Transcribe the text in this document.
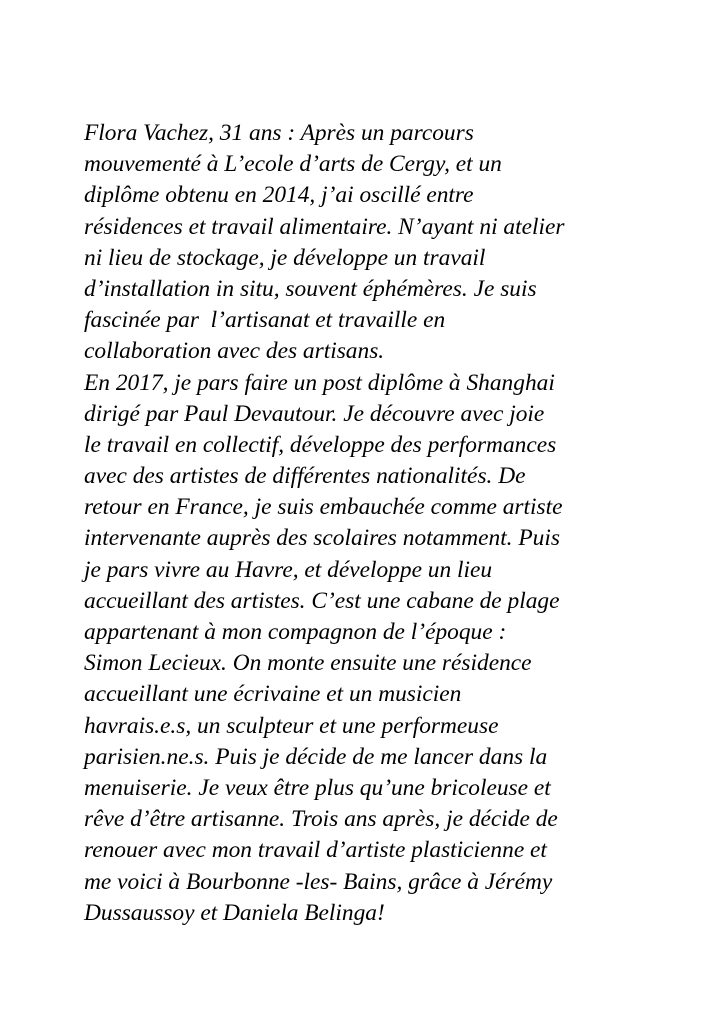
Flora Vachez, 31 ans : Après un parcours
mouvementé à L’ecole d’arts de Cergy, et un
diplôme obtenu en 2014, j’ai oscillé entre
résidences et travail alimentaire. N’ayant ni atelier
ni lieu de stockage, je développe un travail
d’installation in situ, souvent éphémères. Je suis
fascinée par  l’artisanat et travaille en
collaboration avec des artisans.
En 2017, je pars faire un post diplôme à Shanghai
dirigé par Paul Devautour. Je découvre avec joie
le travail en collectif, développe des performances
avec des artistes de différentes nationalités. De
retour en France, je suis embauchée comme artiste
intervenante auprès des scolaires notamment. Puis
je pars vivre au Havre, et développe un lieu
accueillant des artistes. C’est une cabane de plage
appartenant à mon compagnon de l’époque :
Simon Lecieux. On monte ensuite une résidence
accueillant une écrivaine et un musicien
havrais.e.s, un sculpteur et une performeuse
parisien.ne.s. Puis je décide de me lancer dans la
menuiserie. Je veux être plus qu’une bricoleuse et
rêve d’être artisanne. Trois ans après, je décide de
renouer avec mon travail d’artiste plasticienne et
me voici à Bourbonne -les- Bains, grâce à Jérémy
Dussaussoy et Daniela Belinga!
